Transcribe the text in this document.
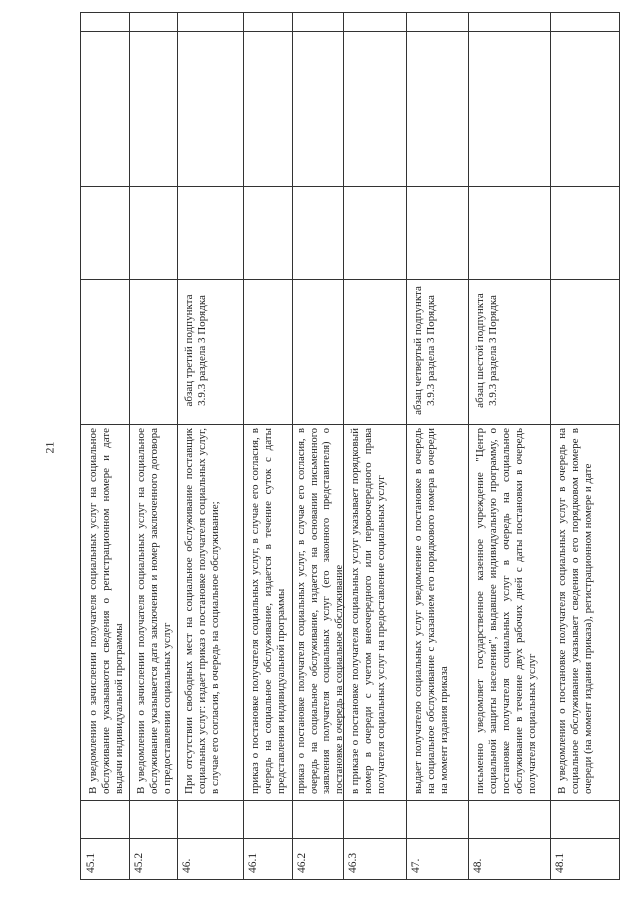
21
45.1
В уведомлении о зачислении получателя социальных услуг на социальное обслуживание указываются сведения о регистрационном номере и дате выдачи индивидуальной программы
45.2
В уведомлении о зачислении получателя социальных услуг на социальное обслуживание указывается дата заключения и номер заключенного договора о предоставлении социальных услуг
46.
При отсутствии свободных мест на социальное обслуживание поставщик социальных услуг: издает приказ о постановке получателя социальных услуг, в случае его согласия, в очередь на социальное обслуживание;
абзац третий подпункта 3.9.3 раздела 3 Порядка
46.1
приказ о постановке получателя социальных услуг, в случае его согласия, в очередь на социальное обслуживание, издается в течение суток с даты представления индивидуальной программы
46.2
приказ о постановке получателя социальных услуг, в случае его согласия, в очередь на социальное обслуживание, издается на основании письменного заявления получателя социальных услуг (его законного представителя) о постановке в очередь на социальное обслуживание
46.3
в приказе о постановке получателя социальных услуг указывает порядковый номер в очереди с учетом внеочередного или первоочередного права получателя социальных услуг на предоставление социальных услуг
47.
выдает получателю социальных услуг уведомление о постановке в очередь на социальное обслуживание с указанием его порядкового номера в очереди на момент издания приказа
абзац четвертый подпункта 3.9.3 раздела 3 Порядка
48.
письменно уведомляет государственное казенное учреждение "Центр социальной защиты населения", выдавшее индивидуальную программу, о постановке получателя социальных услуг в очередь на социальное обслуживание в течение двух рабочих дней с даты постановки в очередь получателя социальных услуг
абзац шестой подпункта 3.9.3 раздела 3 Порядка
48.1
В уведомлении о постановке получателя социальных услуг в очередь на социальное обслуживание указывает сведения о его порядковом номере в очереди (на момент издания приказа), регистрационном номере и дате
